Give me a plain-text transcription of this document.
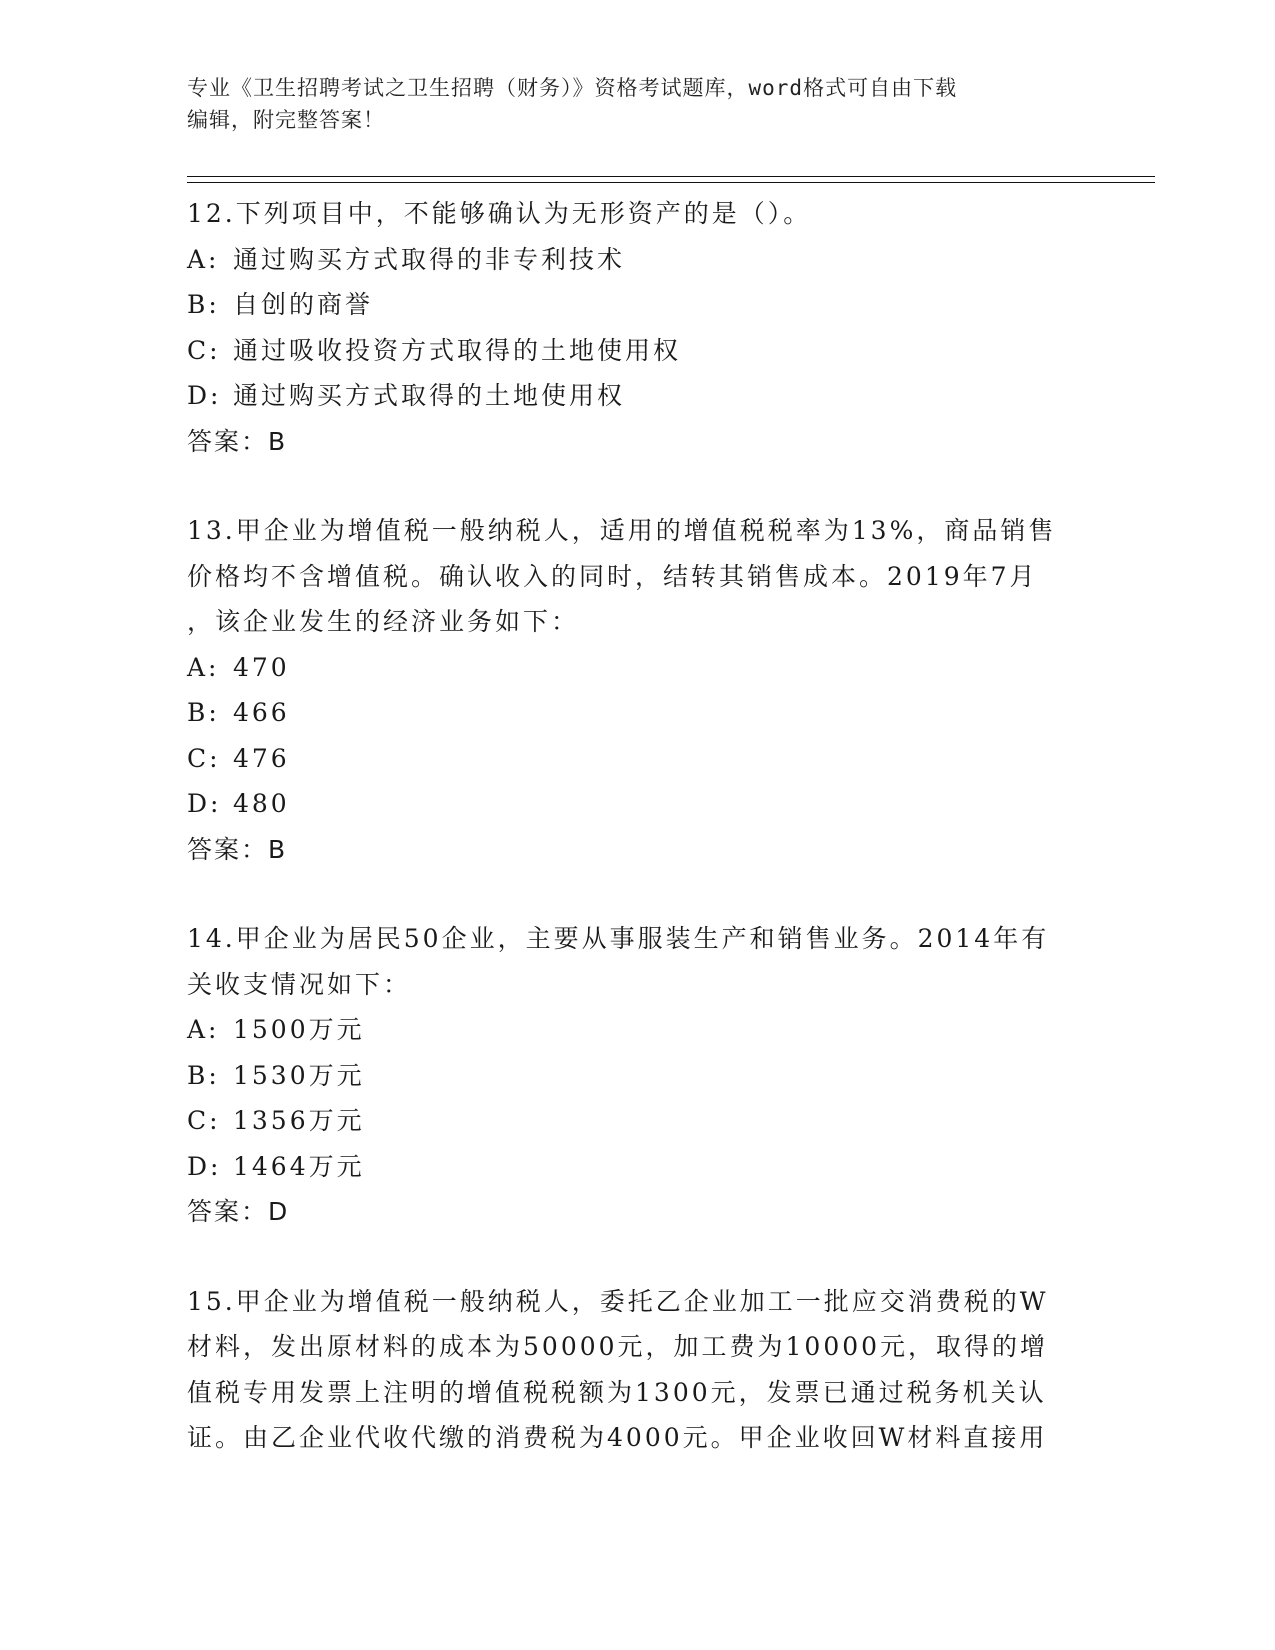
专业《卫生招聘考试之卫生招聘（财务）》资格考试题库，word格式可自由下载
编辑，附完整答案！

12.下列项目中，不能够确认为无形资产的是（）。

A: 通过购买方式取得的非专利技术
B: 自创的商誉
C: 通过吸收投资方式取得的土地使用权
D: 通过购买方式取得的土地使用权

答案：B

13.甲企业为增值税一般纳税人，适用的增值税税率为13%，商品销售

价格均不含增值税。确认收入的同时，结转其销售成本。2019年7月

，该企业发生的经济业务如下：

A: 470
B: 466
C: 476
D: 480

答案：B

14.甲企业为居民50企业，主要从事服装生产和销售业务。2014年有

关收支情况如下：

A: 1500万元
B: 1530万元
C: 1356万元
D: 1464万元

答案：D

15.甲企业为增值税一般纳税人，委托乙企业加工一批应交消费税的W

材料，发出原材料的成本为50000元，加工费为10000元，取得的增

值税专用发票上注明的增值税税额为1300元，发票已通过税务机关认

证。由乙企业代收代缴的消费税为4000元。甲企业收回W材料直接用
